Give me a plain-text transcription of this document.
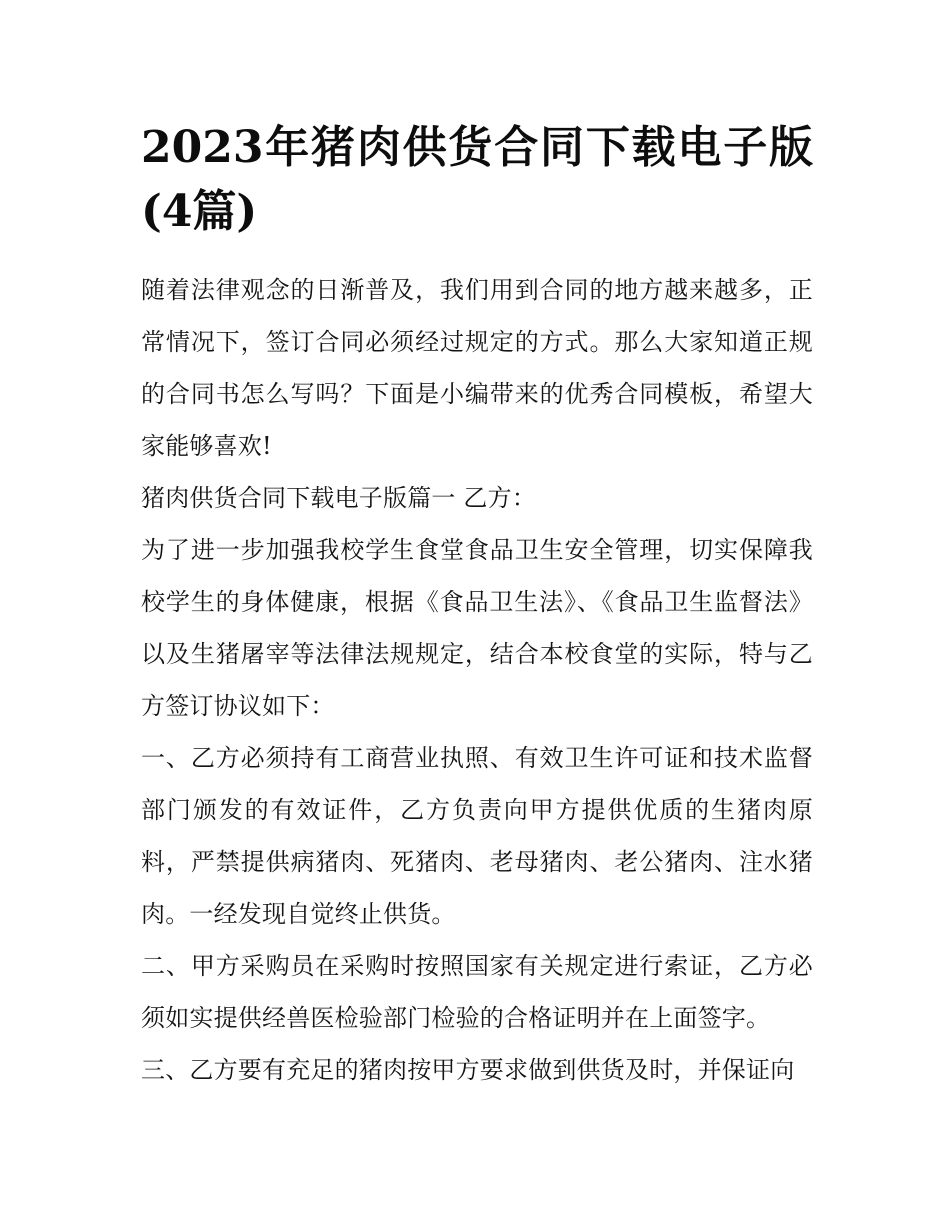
2023年猪肉供货合同下载电子版(4篇)

随着法律观念的日渐普及，我们用到合同的地方越来越多，正常情况下，签订合同必须经过规定的方式。那么大家知道正规的合同书怎么写吗？下面是小编带来的优秀合同模板，希望大家能够喜欢!

猪肉供货合同下载电子版篇一 乙方：

为了进一步加强我校学生食堂食品卫生安全管理，切实保障我校学生的身体健康，根据《食品卫生法》、《食品卫生监督法》以及生猪屠宰等法律法规规定，结合本校食堂的实际，特与乙方签订协议如下：

一、乙方必须持有工商营业执照、有效卫生许可证和技术监督部门颁发的有效证件，乙方负责向甲方提供优质的生猪肉原料，严禁提供病猪肉、死猪肉、老母猪肉、老公猪肉、注水猪肉。一经发现自觉终止供货。

二、甲方采购员在采购时按照国家有关规定进行索证，乙方必须如实提供经兽医检验部门检验的合格证明并在上面签字。

三、乙方要有充足的猪肉按甲方要求做到供货及时，并保证向
